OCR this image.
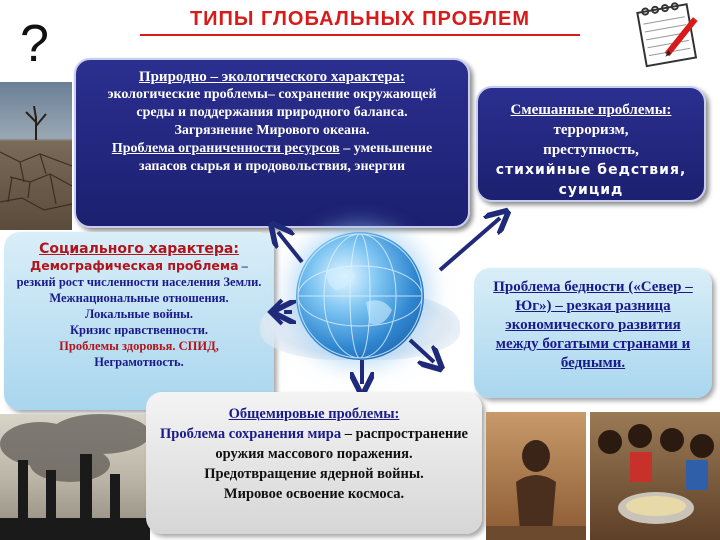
ТИПЫ ГЛОБАЛЬНЫХ ПРОБЛЕМ
?
Природно – экологического характера:
экологические проблемы– сохранение окружающей среды и поддержания природного баланса.
Загрязнение Мирового океана.
Проблема ограниченности ресурсов – уменьшение запасов сырья и продовольствия, энергии
Смешанные проблемы:
терроризм,
преступность,
стихийные бедствия, суицид
Социального характера:
Демографическая проблема – резкий рост численности населения Земли.
Межнациональные отношения.
Локальные войны.
Кризис нравственности.
Проблемы здоровья. СПИД,
Неграмотность.
Проблема бедности («Север – Юг») – резкая разница экономического развития между богатыми странами и бедными.
Общемировые проблемы:
Проблема сохранения мира – распространение оружия массового поражения.
Предотвращение ядерной войны.
Мировое освоение космоса.
